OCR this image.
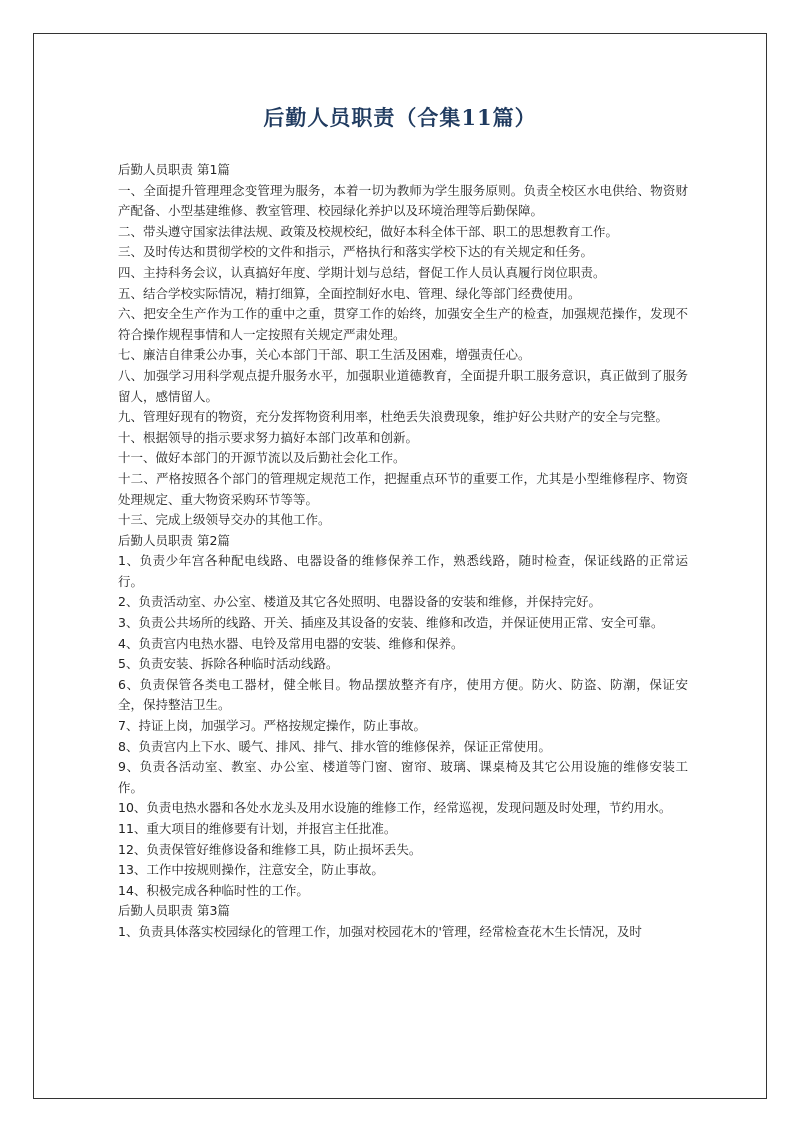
后勤人员职责（合集11篇）

后勤人员职责 第1篇

一、全面提升管理理念变管理为服务，本着一切为教师为学生服务原则。负责全校区水电供给、物资财产配备、小型基建维修、教室管理、校园绿化养护以及环境治理等后勤保障。

二、带头遵守国家法律法规、政策及校规校纪，做好本科全体干部、职工的思想教育工作。

三、及时传达和贯彻学校的文件和指示，严格执行和落实学校下达的有关规定和任务。

四、主持科务会议，认真搞好年度、学期计划与总结，督促工作人员认真履行岗位职责。

五、结合学校实际情况，精打细算，全面控制好水电、管理、绿化等部门经费使用。

六、把安全生产作为工作的重中之重，贯穿工作的始终，加强安全生产的检查，加强规范操作，发现不符合操作规程事情和人一定按照有关规定严肃处理。

七、廉洁自律秉公办事，关心本部门干部、职工生活及困难，增强责任心。

八、加强学习用科学观点提升服务水平，加强职业道德教育，全面提升职工服务意识，真正做到了服务留人，感情留人。

九、管理好现有的物资，充分发挥物资利用率，杜绝丢失浪费现象，维护好公共财产的安全与完整。

十、根据领导的指示要求努力搞好本部门改革和创新。

十一、做好本部门的开源节流以及后勤社会化工作。

十二、严格按照各个部门的管理规定规范工作，把握重点环节的重要工作，尤其是小型维修程序、物资处理规定、重大物资采购环节等等。

十三、完成上级领导交办的其他工作。

后勤人员职责 第2篇

1、负责少年宫各种配电线路、电器设备的维修保养工作，熟悉线路，随时检查，保证线路的正常运行。

2、负责活动室、办公室、楼道及其它各处照明、电器设备的安装和维修，并保持完好。

3、负责公共场所的线路、开关、插座及其设备的安装、维修和改造，并保证使用正常、安全可靠。

4、负责宫内电热水器、电铃及常用电器的安装、维修和保养。

5、负责安装、拆除各种临时活动线路。

6、负责保管各类电工器材，健全帐目。物品摆放整齐有序，使用方便。防火、防盗、防潮，保证安全，保持整洁卫生。

7、持证上岗，加强学习。严格按规定操作，防止事故。

8、负责宫内上下水、暖气、排风、排气、排水管的维修保养，保证正常使用。

9、负责各活动室、教室、办公室、楼道等门窗、窗帘、玻璃、课桌椅及其它公用设施的维修安装工作。

10、负责电热水器和各处水龙头及用水设施的维修工作，经常巡视，发现问题及时处理，节约用水。

11、重大项目的维修要有计划，并报宫主任批准。

12、负责保管好维修设备和维修工具，防止损坏丢失。

13、工作中按规则操作，注意安全，防止事故。

14、积极完成各种临时性的工作。

后勤人员职责 第3篇

1、负责具体落实校园绿化的管理工作，加强对校园花木的'管理，经常检查花木生长情况，及时
